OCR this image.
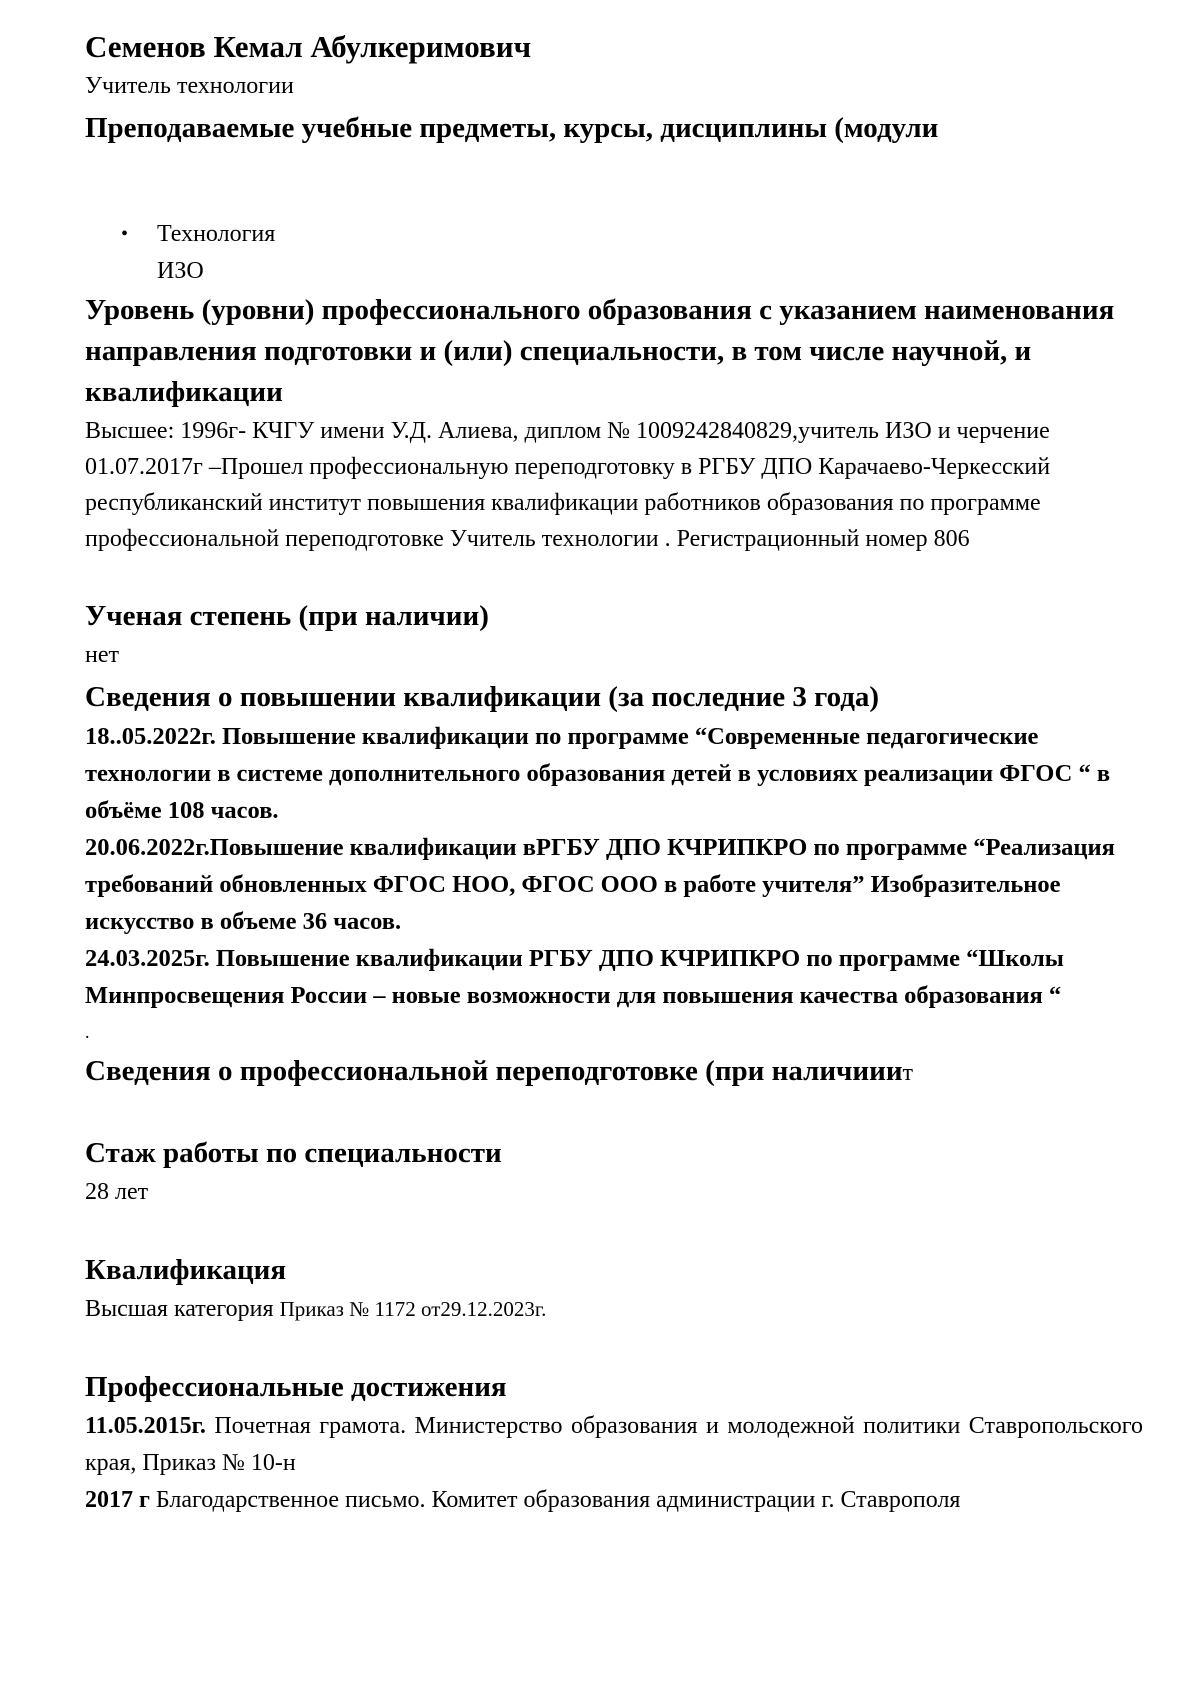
Семенов Кемал Абулкеримович

Учитель технологии

Преподаваемые учебные предметы, курсы, дисциплины (модули

• Технология
ИЗО

Уровень (уровни) профессионального образования с указанием наименования направления подготовки и (или) специальности, в том числе научной, и квалификации

Высшее: 1996г- КЧГУ имени У.Д. Алиева, диплом № 1009242840829,учитель ИЗО и черчение

01.07.2017г –Прошел профессиональную переподготовку в РГБУ ДПО Карачаево-Черкесский республиканский институт повышения квалификации работников образования по программе профессиональной переподготовке Учитель технологии . Регистрационный номер 806

Ученая степень (при наличии)

нет

Сведения о повышении квалификации (за последние 3 года)

18..05.2022г. Повышение квалификации по программе “Современные педагогические технологии в системе дополнительного образования детей в условиях реализации ФГОС “ в объёме 108 часов.

20.06.2022г.Повышение квалификации вРГБУ ДПО КЧРИПКРО по программе “Реализация требований обновленных ФГОС НОО, ФГОС ООО в работе учителя” Изобразительное искусство в объеме 36 часов.

24.03.2025г. Повышение квалификации РГБУ ДПО КЧРИПКРО по программе “Школы Минпросвещения России – новые возможности для повышения качества образования “

.

Сведения о профессиональной переподготовке (при наличииит

Стаж работы по специальности

28 лет

Квалификация

Высшая категория Приказ № 1172 от29.12.2023г.

Профессиональные достижения

11.05.2015г. Почетная грамота. Министерство образования и молодежной политики Ставропольского края, Приказ № 10-н

2017 г Благодарственное письмо. Комитет образования администрации г. Ставрополя
